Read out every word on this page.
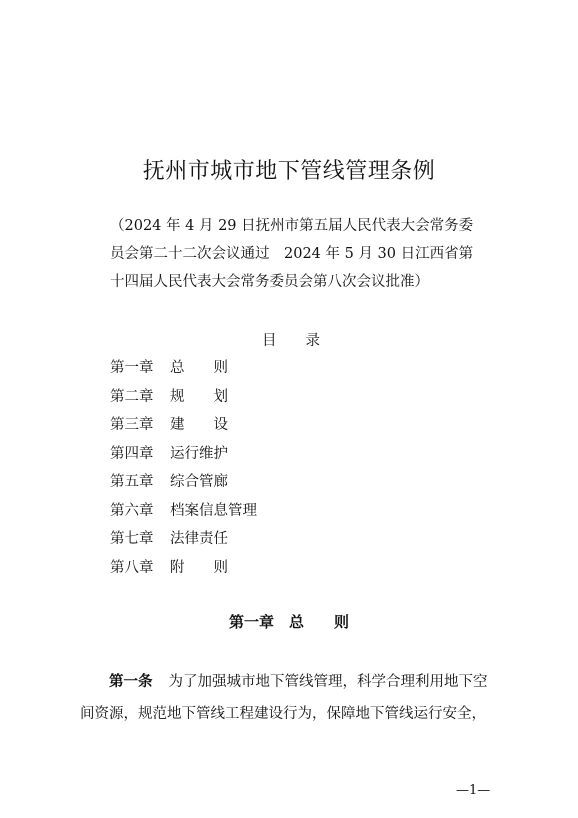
抚州市城市地下管线管理条例
（2024 年 4 月 29 日抚州市第五届人民代表大会常务委
员会第二十二次会议通过　2024 年 5 月 30 日江西省第
十四届人民代表大会常务委员会第八次会议批准）
目　　录
第一章 总　　则
第二章 规　　划
第三章 建　　设
第四章 运行维护
第五章 综合管廊
第六章 档案信息管理
第七章 法律责任
第八章 附　　则
第一章　总　　则
第一条 为了加强城市地下管线管理，科学合理利用地下空
间资源，规范地下管线工程建设行为，保障地下管线运行安全，
—1—
